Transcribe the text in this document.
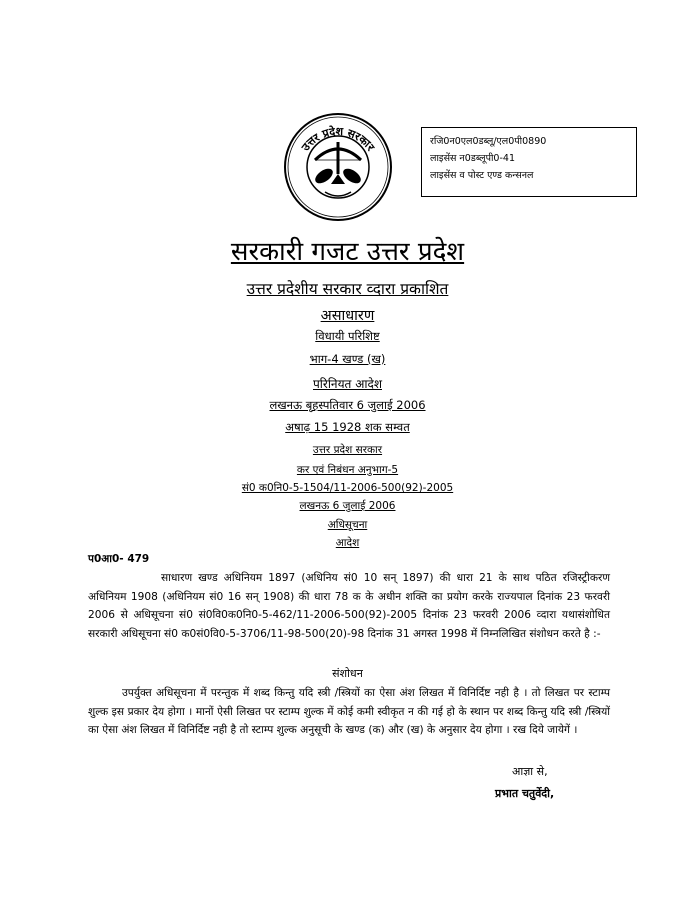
उत्तर प्रदेश सरकार
रजि0न0एल0डब्लू/एल0पी0890
लाइसेंस न0डब्लूपी0-41
लाइसेंस व पोस्ट एण्ड कन्सनल
सरकारी गजट उत्तर प्रदेश
उत्तर प्रदेशीय सरकार व्दारा प्रकाशित
असाधारण
विधायी परिशिष्ट
भाग-4 खण्ड (ख)
परिनियत आदेश
लखनऊ बृहस्पतिवार 6 जुलाई 2006
अषाढ़ 15 1928 शक सम्वत
उत्तर प्रदेश सरकार
कर एवं निबंधन अनुभाग-5
सं0 क0नि0-5-1504/11-2006-500(92)-2005
लखनऊ 6 जुलाई 2006
अधिसूचना
आदेश
प0आ0- 479
साधारण खण्ड अधिनियम 1897 (अधिनिय सं0 10 सन् 1897) की धारा 21 के साथ पठित रजिस्ट्रीकरण अधिनियम 1908 (अधिनियम सं0 16 सन् 1908) की धारा 78 क के अधीन शक्ति का प्रयोग करके राज्यपाल दिनांक 23 फरवरी 2006 से अधिसूचना सं0 सं0वि0क0नि0-5-462/11-2006-500(92)-2005 दिनांक 23 फरवरी 2006 व्दारा यथासंशोधित सरकारी अधिसूचना सं0 क0सं0वि0-5-3706/11-98-500(20)-98 दिनांक 31 अगस्त 1998 में निम्नलिखित संशोधन करते है :-
संशोधन
उपर्युक्त अधिसूचना में परन्तुक में शब्द किन्तु यदि स्त्री /स्त्रियों का ऐसा अंश लिखत में विनिर्दिष्ट नही है । तो लिखत पर स्टाम्प शुल्क इस प्रकार देय होगा । मानों ऐसी लिखत पर स्टाम्प शुल्क में कोई कमी स्वीकृत न की गई हो के स्थान पर शब्द किन्तु यदि स्त्री /स्त्रियों का ऐसा अंश लिखत में विनिर्दिष्ट नही है तो स्टाम्प शुल्क अनुसूची के खण्ड (क) और (ख) के अनुसार देय होगा । रख दिये जायेगें ।
आज्ञा से,
प्रभात चतुर्वेदी,
